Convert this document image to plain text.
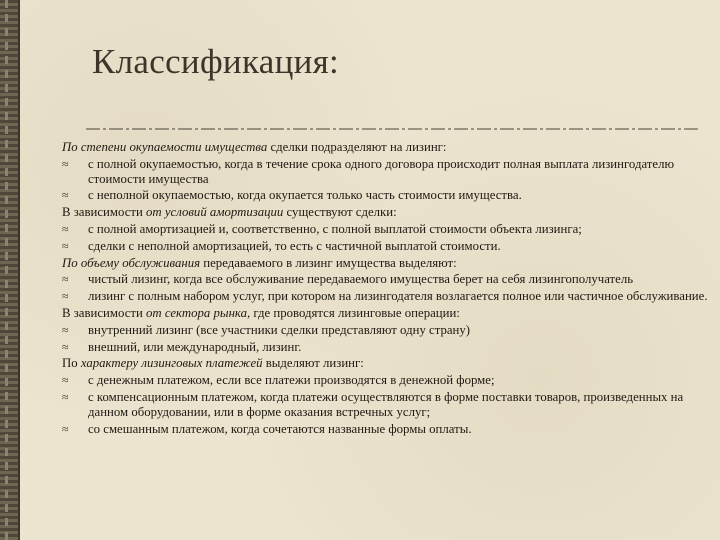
Классификация:

По степени окупаемости имущества сделки подразделяют на лизинг:

≈ с полной окупаемостью, когда в течение срока одного договора происходит полная выплата лизингодателю стоимости имущества

≈ с неполной окупаемостью, когда окупается только часть стоимости имущества.

В зависимости от условий амортизации существуют сделки:

≈ с полной амортизацией и, соответственно, с полной выплатой стоимости объекта лизинга;

≈ сделки с неполной амортизацией, то есть с частичной выплатой стоимости.

По объему обслуживания передаваемого в лизинг имущества выделяют:

≈ чистый лизинг, когда все обслуживание передаваемого имущества берет на себя лизингополучатель

≈ лизинг с полным набором услуг, при котором на лизингодателя возлагается полное или частичное обслуживание.

В зависимости от сектора рынка, где проводятся лизинговые операции:

≈ внутренний лизинг (все участники сделки представляют одну страну)

≈ внешний, или международный, лизинг.

По характеру лизинговых платежей выделяют лизинг:

≈ с денежным платежом, если все платежи производятся в денежной форме;

≈ с компенсационным платежом, когда платежи осуществляются в форме поставки товаров, произведенных на данном оборудовании, или в форме оказания встречных услуг;

≈ со смешанным платежом, когда сочетаются названные формы оплаты.
